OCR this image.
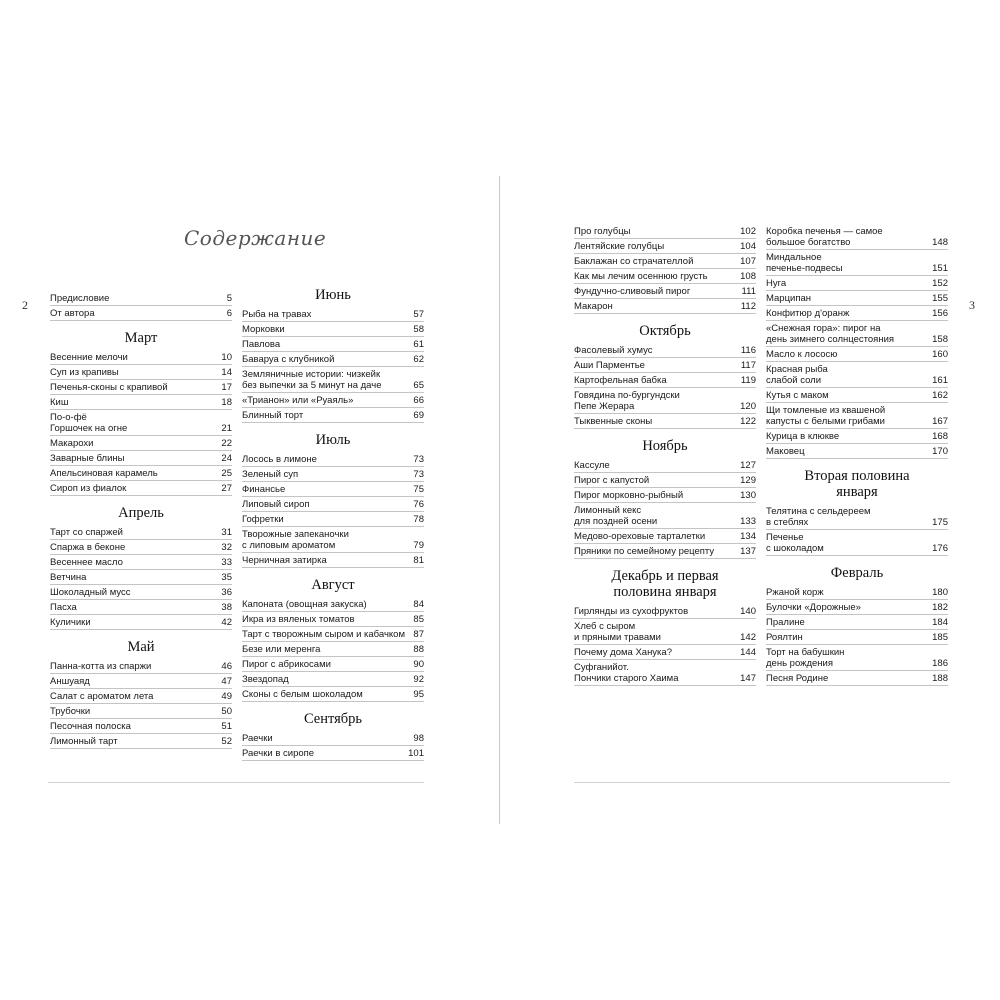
2	3
Содержание
Предисловие	5
От автора	6
Март
Весенние мелочи	10
Суп из крапивы	14
Печенья-сконы с крапивой	17
Киш	18
По-о-фё
Горшочек на огне	21
Макарохи	22
Заварные блины	24
Апельсиновая карамель	25
Сироп из фиалок	27
Апрель
Тарт со спаржей	31
Спаржа в беконе	32
Весеннее масло	33
Ветчина	35
Шоколадный мусс	36
Пасха	38
Куличики	42
Май
Панна-котта из спаржи	46
Аншуаяд	47
Салат с ароматом лета	49
Трубочки	50
Песочная полоска	51
Лимонный тарт	52
Июнь
Рыба на травах	57
Морковки	58
Павлова	61
Баваруа с клубникой	62
Земляничные истории: чизкейк
без выпечки за 5 минут на даче	65
«Трианон» или «Руаяль»	66
Блинный торт	69
Июль
Лосось в лимоне	73
Зеленый суп	73
Финансье	75
Липовый сироп	76
Гофретки	78
Творожные запеканочки
с липовым ароматом	79
Черничная затирка	81
Август
Капоната (овощная закуска)	84
Икра из вяленых томатов	85
Тарт с творожным сыром и кабачком 87
Безе или меренга	88
Пирог с абрикосами	90
Звездопад	92
Сконы с белым шоколадом	95
Сентябрь
Раечки	98
Раечки в сиропе	101
Про голубцы	102
Лентяйские голубцы	104
Баклажан со страчателлой	107
Как мы лечим осеннюю грусть	108
Фундучно-сливовый пирог	111
Макарон	112
Октябрь
Фасолевый хумус	116
Аши Парментье	117
Картофельная бабка	119
Говядина по-бургундски
Пепе Жерара	120
Тыквенные сконы	122
Ноябрь
Кассуле	127
Пирог с капустой	129
Пирог морковно-рыбный	130
Лимонный кекс
для поздней осени	133
Медово-ореховые тарталетки	134
Пряники по семейному рецепту	137
Декабрь и первая
половина января
Гирлянды из сухофруктов	140
Хлеб с сыром
и пряными травами	142
Почему дома Ханука?	144
Суфганийот.
Пончики старого Хаима	147
Коробка печенья — самое
большое богатство	148
Миндальное
печенье-подвесы	151
Нуга	152
Марципан	155
Конфитюр д'оранж	156
«Снежная гора»: пирог на
день зимнего солнцестояния	158
Масло к лососю	160
Красная рыба
слабой соли	161
Кутья с маком	162
Щи томленые из квашеной
капусты с белыми грибами	167
Курица в клюкве	168
Маковец	170
Вторая половина
января
Телятина с сельдереем
в стеблях	175
Печенье
с шоколадом	176
Февраль
Ржаной корж	180
Булочки «Дорожные»	182
Пралине	184
Роялтин	185
Торт на бабушкин
день рождения	186
Песня Родине	188
